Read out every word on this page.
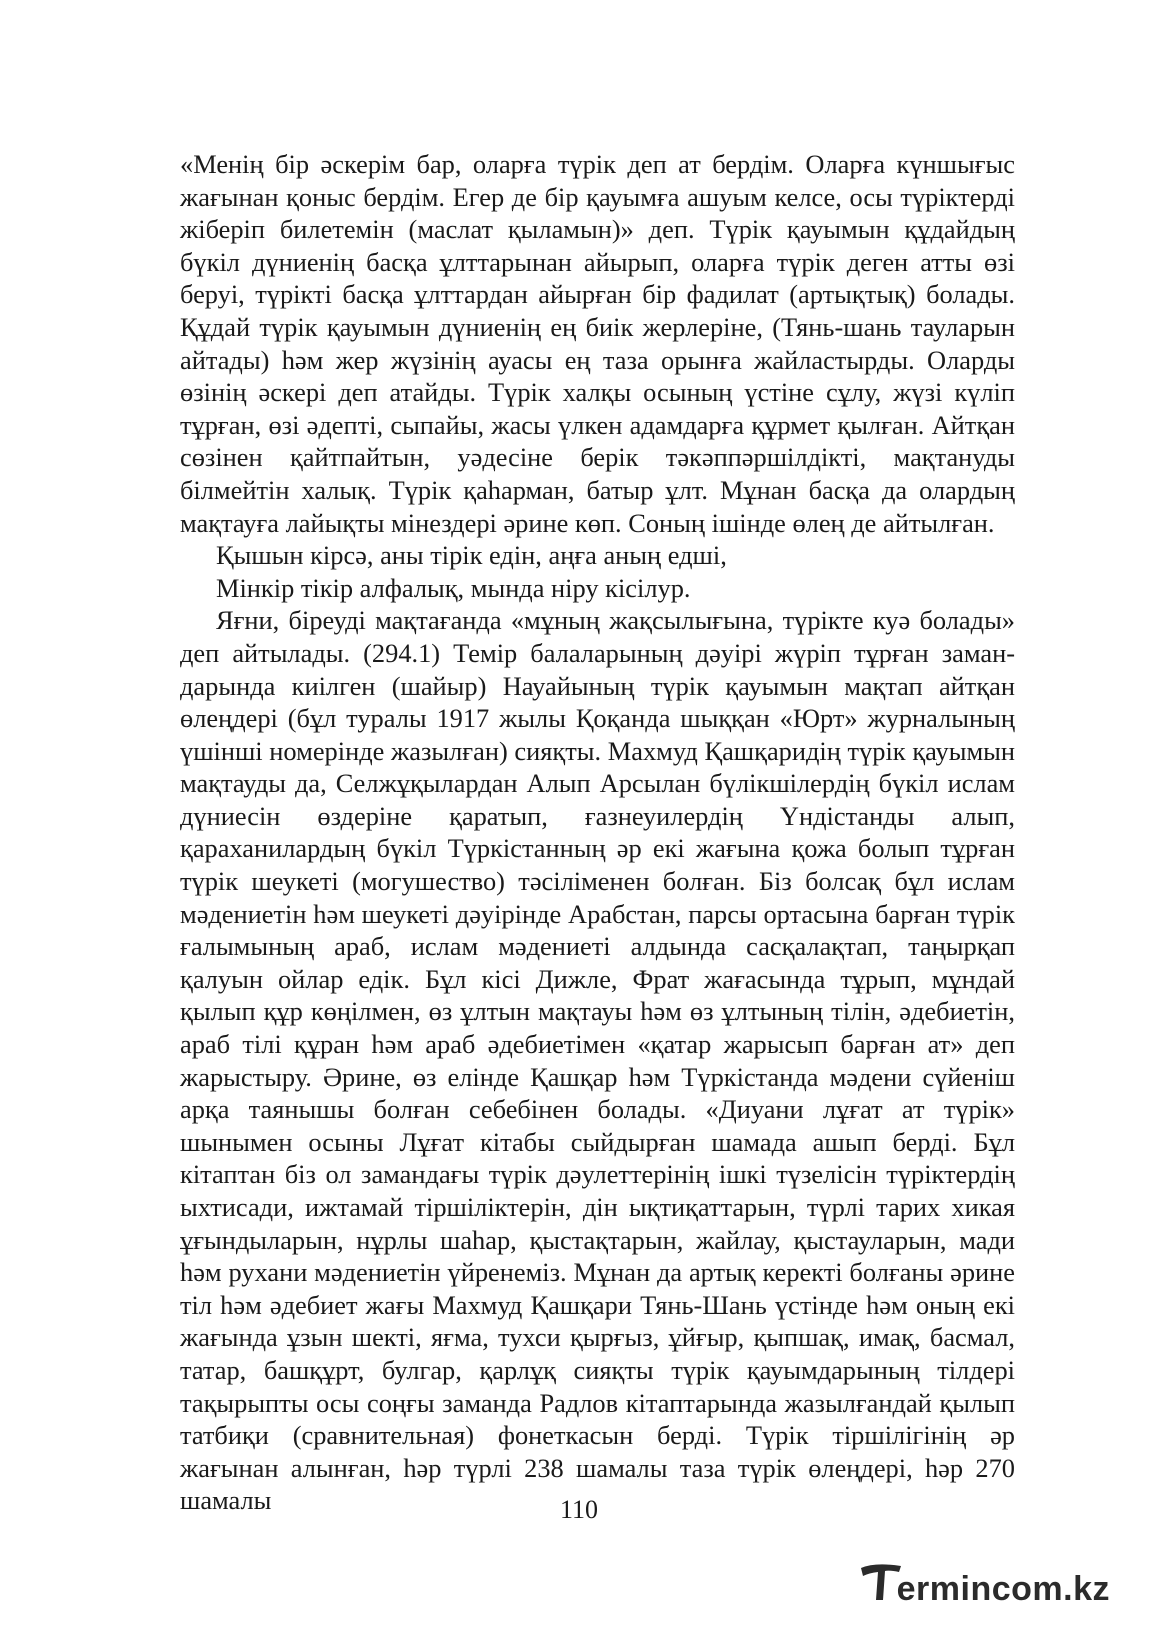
«Менің бір әскерім бар, оларға түрік деп ат бердім. Оларға күншығыс жағынан қоныс бердім. Егер де бір қауымға ашуым келсе, осы түріктерді жіберіп билетемін (маслат қыламын)» деп. Түрік қауымын құдайдың бүкіл дүниенің басқа ұлттарынан айырып, оларға түрік деген атты өзі беруі, түрікті басқа ұлттардан айырған бір фадилат (артықтық) болады. Құдай түрік қауымын дүниенің ең биік жерлеріне, (Тянь-шань тауларын айтады) һәм жер жүзінің ауасы ең таза орынға жайластырды. Оларды өзінің әскері деп атайды. Түрік халқы осының үстіне сұлу, жүзі күліп тұрған, өзі әдепті, сыпайы, жасы үлкен адамдарға құрмет қылған. Айтқан сөзінен қайтпайтын, уәдесіне берік тәкәппәршілдікті, мақтануды білмейтін халық. Түрік қаһарман, батыр ұлт. Мұнан басқа да олардың мақтауға лайықты мінездері әрине көп. Соның ішінде өлең де айтылған.

Қышын кірсә, аны тірік едін, аңға аның едші,

Мінкір тікір алфалық, мында ніру кісілур.

Яғни, біреуді мақтағанда «мұның жақсылығына, түрікте куә болады» деп айтылады. (294.1) Темір балаларының дәуірі жүріп тұрған заман-дарында киілген (шайыр) Науайының түрік қауымын мақтап айтқан өлеңдері (бұл туралы 1917 жылы Қоқанда шыққан «Юрт» журналының үшінші номерінде жазылған) сияқты. Махмуд Қашқаридің түрік қауымын мақтауды да, Селжұқылардан Алып Арсылан бүлікшілердің бүкіл ислам дүниесін өздеріне қаратып, ғазнеуилердің Үндістанды алып, қараханилардың бүкіл Түркістанның әр екі жағына қожа болып тұрған түрік шеукеті (могушество) тәсіліменен болған. Біз болсақ бұл ислам мәдениетін һәм шеукеті дәуірінде Арабстан, парсы ортасына барған түрік ғалымының араб, ислам мәдениеті алдында сасқалақтап, таңырқап қалуын ойлар едік. Бұл кісі Дижле, Фрат жағасында тұрып, мұндай қылып құр көңілмен, өз ұлтын мақтауы һәм өз ұлтының тілін, әдебиетін, араб тілі құран һәм араб әдебиетімен «қатар жарысып барған ат» деп жарыстыру. Әрине, өз елінде Қашқар һәм Түркістанда мәдени сүйеніш арқа таянышы болған себебінен болады. «Диуани лұғат ат түрік» шынымен осыны Лұғат кітабы сыйдырған шамада ашып берді. Бұл кітаптан біз ол замандағы түрік дәулеттерінің ішкі түзелісін түріктердің ыхтисади, ижтамай тіршіліктерін, дін ықтиқаттарын, түрлі тарих хикая ұғындыларын, нұрлы шаһар, қыстақтарын, жайлау, қыстауларын, мади һәм рухани мәдениетін үйренеміз. Мұнан да артық керекті болғаны әрине тіл һәм әдебиет жағы Махмуд Қашқари Тянь-Шань үстінде һәм оның екі жағында ұзын шекті, яғма, тухси қырғыз, ұйғыр, қыпшақ, имақ, басмал, татар, башқұрт, булгар, қарлұқ сияқты түрік қауымдарының тілдері тақырыпты осы соңғы заманда Радлов кітаптарында жазылғандай қылып татбиқи (сравнительная) фонеткасын берді. Түрік тіршілігінің әр жағынан алынған, һәр түрлі 238 шамалы таза түрік өлеңдері, һәр 270 шамалы	110
ermincom .kz
